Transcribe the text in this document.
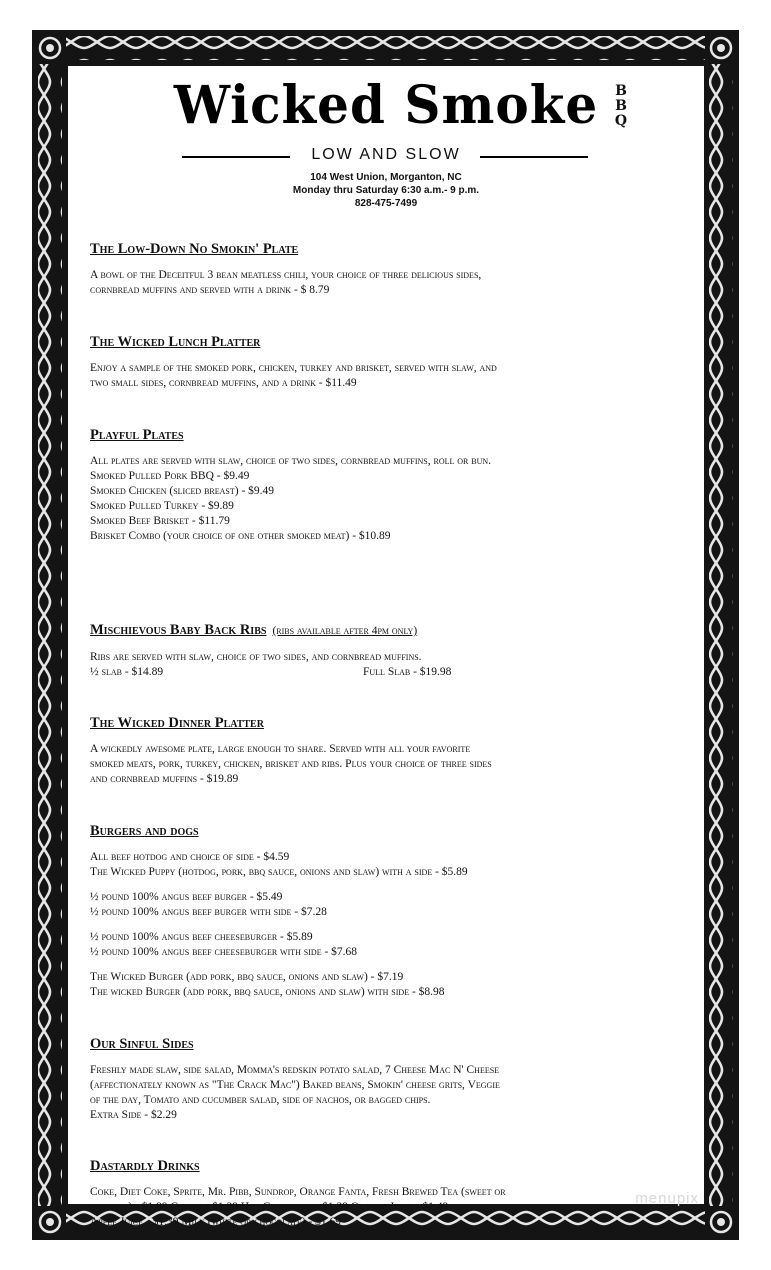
Wicked Smoke B
B
Q
LOW AND SLOW
104 West Union, Morganton, NC
Monday thru Saturday 6:30 a.m.- 9 p.m.
828-475-7499
The Low-Down No Smokin' Plate
A bowl of the Deceitful 3 bean meatless chili, your choice of three delicious sides,
cornbread muffins and served with a drink - $ 8.79
The Wicked Lunch Platter
Enjoy a sample of the smoked pork, chicken, turkey and brisket, served with slaw, and
two small sides, cornbread muffins, and a drink - $11.49
Playful Plates
All plates are served with slaw, choice of two sides, cornbread muffins, roll or bun.
Smoked Pulled Pork BBQ - $9.49
Smoked Chicken (sliced breast) - $9.49
Smoked Pulled Turkey - $9.89
Smoked Beef Brisket - $11.79
Brisket Combo (your choice of one other smoked meat) - $10.89
Mischievous Baby Back Ribs (ribs available after 4pm only)
Ribs are served with slaw, choice of two sides, and cornbread muffins.
½ slab - $14.89	Full Slab - $19.98
The Wicked Dinner Platter
A wickedly awesome plate, large enough to share. Served with all your favorite
smoked meats, pork, turkey, chicken, brisket and ribs. Plus your choice of three sides
and cornbread muffins - $19.89
Burgers and dogs
All beef hotdog and choice of side - $4.59
The Wicked Puppy (hotdog, pork, bbq sauce, onions and slaw) with a side - $5.89
½ pound 100% angus beef burger - $5.49
½ pound 100% angus beef burger with side - $7.28
½ pound 100% angus beef cheeseburger - $5.89
½ pound 100% angus beef cheeseburger with side - $7.68
The Wicked Burger (add pork, bbq sauce, onions and slaw) - $7.19
The wicked Burger (add pork, bbq sauce, onions and slaw) with side - $8.98
Our Sinful Sides
Freshly made slaw, side salad, Momma's redskin potato salad, 7 Cheese Mac N' Cheese
(affectionately known as "The Crack Mac") Baked beans, Smokin' cheese grits, Veggie
of the day, Tomato and cucumber salad, side of nachos, or bagged chips.
Extra Side - $2.29
Dastardly Drinks
Coke, Diet Coke, Sprite, Mr. Pibb, Sundrop, Orange Fanta, Fresh Brewed Tea (sweet or
unsweet) - $1.89 Coffee - $1.29 Hot Chocolate - $1.29 Orange Juice - $1.49
Apple Juice - $1.39 Milk (white or chocolate) - $1.69
menupix
